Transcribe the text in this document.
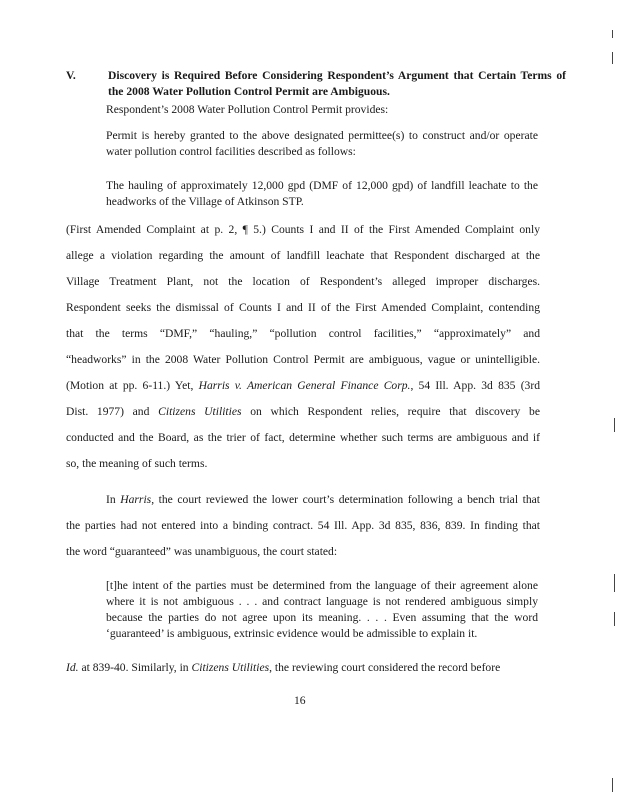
V.	Discovery is Required Before Considering Respondent’s Argument that Certain Terms of the 2008 Water Pollution Control Permit are Ambiguous.
Respondent’s 2008 Water Pollution Control Permit provides:
Permit is hereby granted to the above designated permittee(s) to construct and/or operate water pollution control facilities described as follows:
The hauling of approximately 12,000 gpd (DMF of 12,000 gpd) of landfill leachate to the headworks of the Village of Atkinson STP.
(First Amended Complaint at p. 2, ¶ 5.) Counts I and II of the First Amended Complaint only
allege a violation regarding the amount of landfill leachate that Respondent discharged at the
Village Treatment Plant, not the location of Respondent’s alleged improper discharges.
Respondent seeks the dismissal of Counts I and II of the First Amended Complaint, contending
that the terms “DMF,” “hauling,” “pollution control facilities,” “approximately” and
“headworks” in the 2008 Water Pollution Control Permit are ambiguous, vague or unintelligible.
(Motion at pp. 6-11.) Yet, Harris v. American General Finance Corp., 54 Ill. App. 3d 835 (3rd
Dist. 1977) and Citizens Utilities on which Respondent relies, require that discovery be
conducted and the Board, as the trier of fact, determine whether such terms are ambiguous and if
so, the meaning of such terms.
In Harris, the court reviewed the lower court’s determination following a bench trial that
the parties had not entered into a binding contract. 54 Ill. App. 3d 835, 836, 839. In finding that
the word “guaranteed” was unambiguous, the court stated:
[t]he intent of the parties must be determined from the language of their agreement alone where it is not ambiguous . . . and contract language is not rendered ambiguous simply because the parties do not agree upon its meaning. . . . Even assuming that the word ‘guaranteed’ is ambiguous, extrinsic evidence would be admissible to explain it.
Id. at 839-40. Similarly, in Citizens Utilities, the reviewing court considered the record before
16
